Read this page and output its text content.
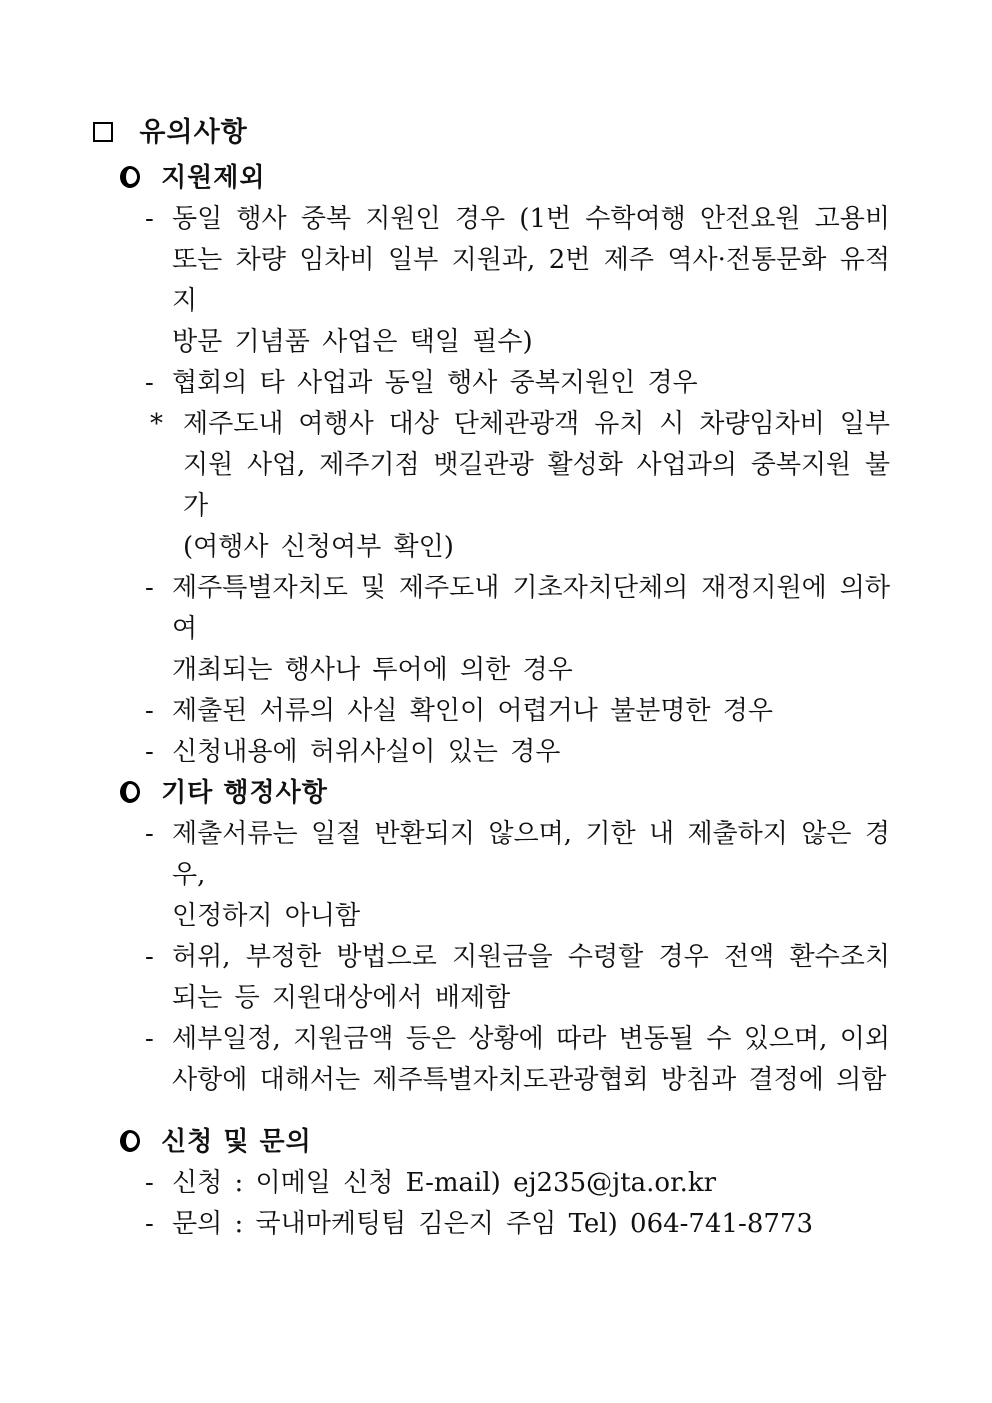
유의사항
지원제외
- 동일 행사 중복 지원인 경우 (1번 수학여행 안전요원 고용비
또는 차량 임차비 일부 지원과, 2번 제주 역사·전통문화 유적지
방문 기념품 사업은 택일 필수)
- 협회의 타 사업과 동일 행사 중복지원인 경우
* 제주도내 여행사 대상 단체관광객 유치 시 차량임차비 일부
지원 사업, 제주기점 뱃길관광 활성화 사업과의 중복지원 불가
(여행사 신청여부 확인)
- 제주특별자치도 및 제주도내 기초자치단체의 재정지원에 의하여
개최되는 행사나 투어에 의한 경우
- 제출된 서류의 사실 확인이 어렵거나 불분명한 경우
- 신청내용에 허위사실이 있는 경우
기타 행정사항
- 제출서류는 일절 반환되지 않으며, 기한 내 제출하지 않은 경우,
인정하지 아니함
- 허위, 부정한 방법으로 지원금을 수령할 경우 전액 환수조치
되는 등 지원대상에서 배제함
- 세부일정, 지원금액 등은 상황에 따라 변동될 수 있으며, 이외
사항에 대해서는 제주특별자치도관광협회 방침과 결정에 의함
신청 및 문의
- 신청 : 이메일 신청 E-mail) ej235@jta.or.kr
- 문의 : 국내마케팅팀 김은지 주임 Tel) 064-741-8773
